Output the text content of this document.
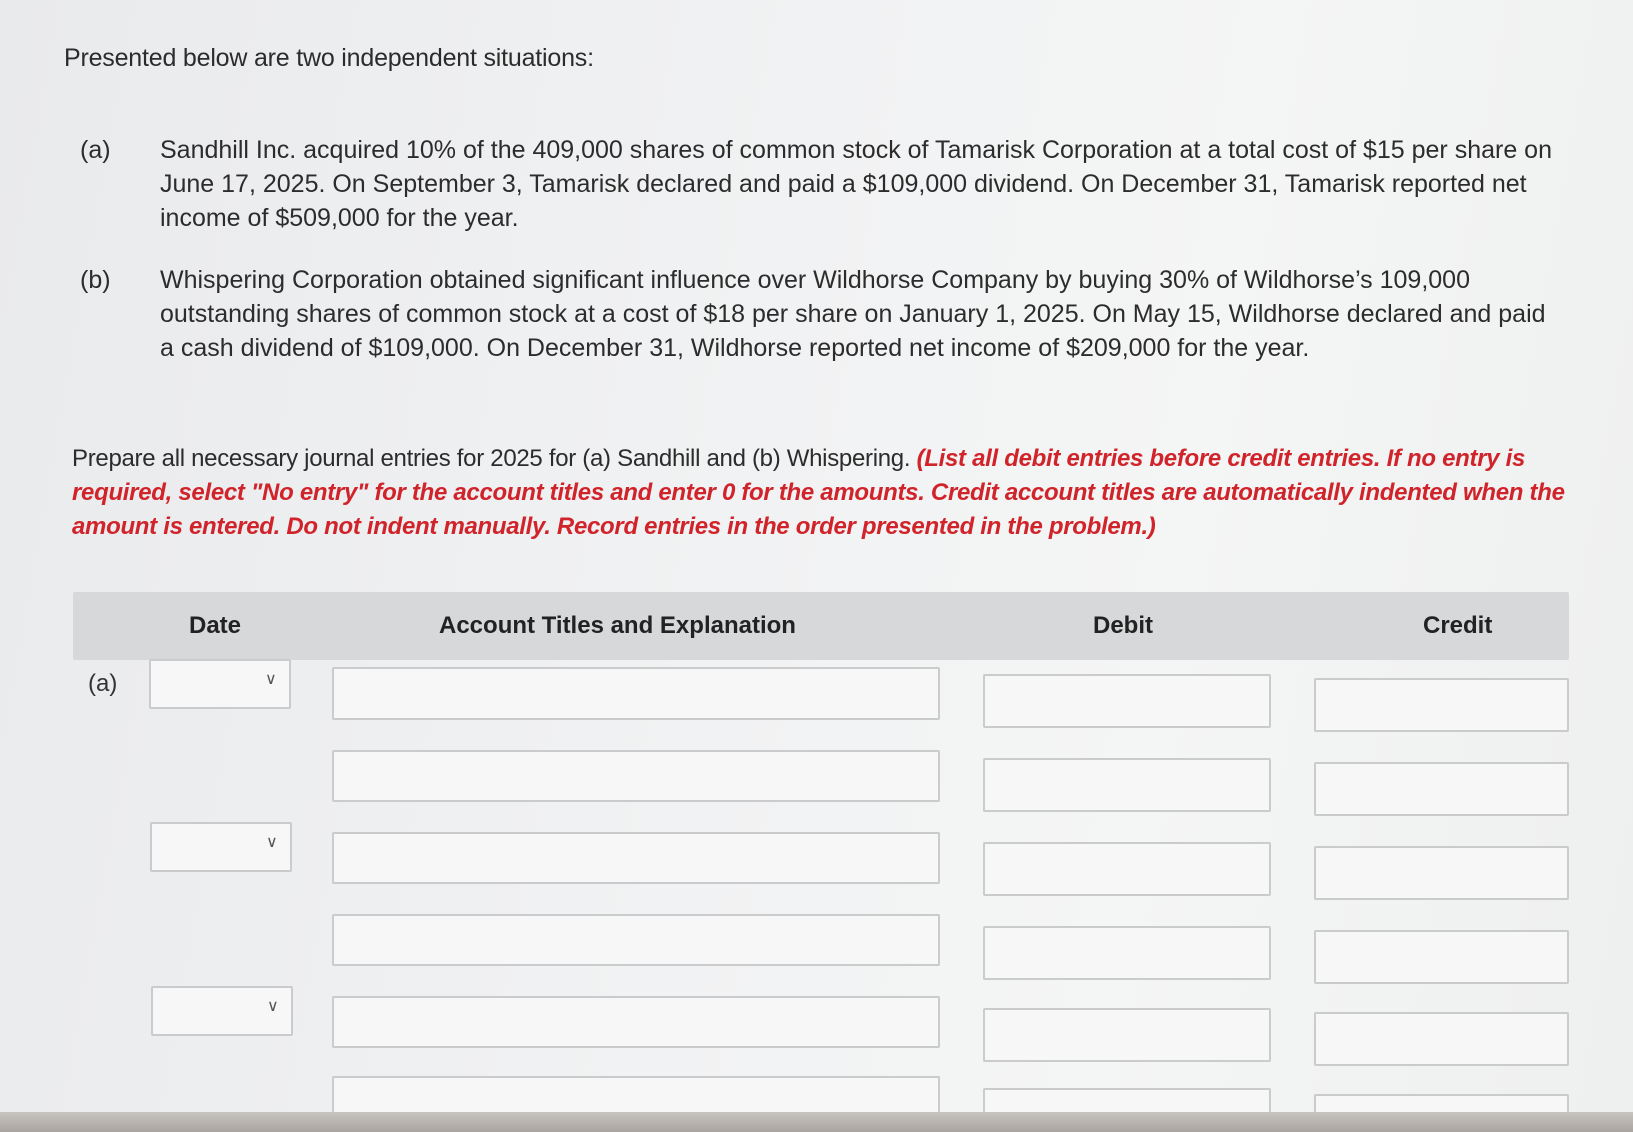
Presented below are two independent situations:
(a)	Sandhill Inc. acquired 10% of the 409,000 shares of common stock of Tamarisk Corporation at a total cost of $15 per share on June 17, 2025. On September 3, Tamarisk declared and paid a $109,000 dividend. On December 31, Tamarisk reported net income of $509,000 for the year.
(b)	Whispering Corporation obtained significant influence over Wildhorse Company by buying 30% of Wildhorse’s 109,000 outstanding shares of common stock at a cost of $18 per share on January 1, 2025. On May 15, Wildhorse declared and paid a cash dividend of $109,000. On December 31, Wildhorse reported net income of $209,000 for the year.
Prepare all necessary journal entries for 2025 for (a) Sandhill and (b) Whispering. (List all debit entries before credit entries. If no entry is required, select "No entry" for the account titles and enter 0 for the amounts. Credit account titles are automatically indented when the amount is entered. Do not indent manually. Record entries in the order presented in the problem.)
Date	Account Titles and Explanation	Debit	Credit
(a)	∨
∨
∨
